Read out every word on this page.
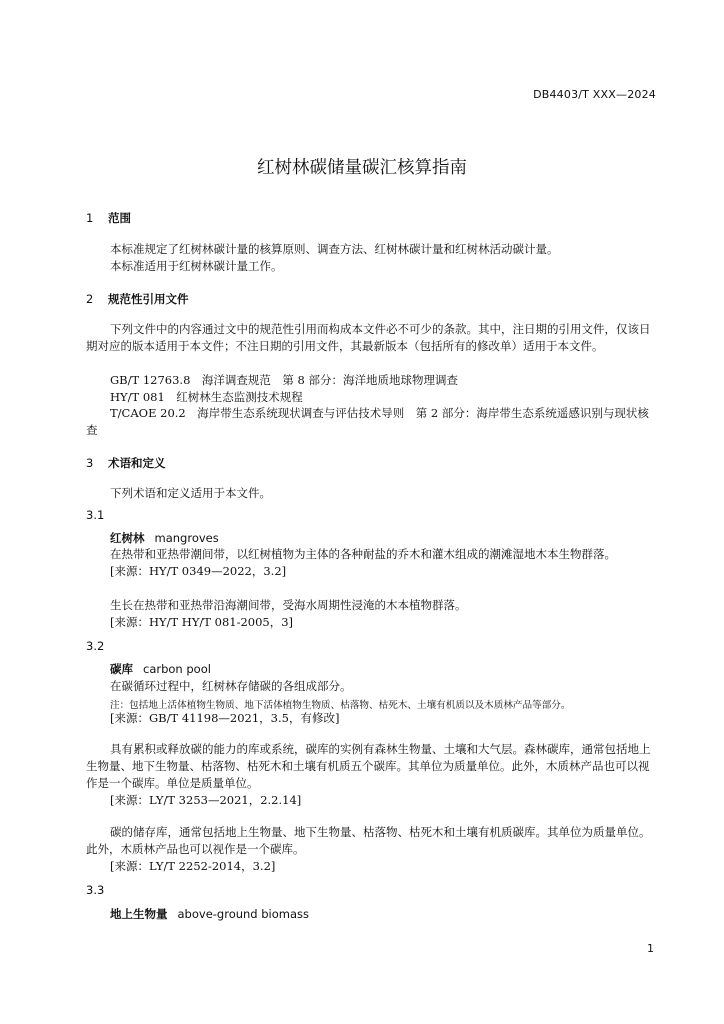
DB4403/T XXX—2024
红树林碳储量碳汇核算指南
1 范围
本标准规定了红树林碳计量的核算原则、调查方法、红树林碳计量和红树林活动碳计量。
本标准适用于红树林碳计量工作。
2 规范性引用文件
下列文件中的内容通过文中的规范性引用而构成本文件必不可少的条款。其中，注日期的引用文件，仅该日期对应的版本适用于本文件；不注日期的引用文件，其最新版本（包括所有的修改单）适用于本文件。
GB/T 12763.8　海洋调查规范　第 8 部分：海洋地质地球物理调查
HY/T 081　红树林生态监测技术规程
T/CAOE 20.2　海岸带生态系统现状调查与评估技术导则　第 2 部分：海岸带生态系统遥感识别与现状核查
3 术语和定义
下列术语和定义适用于本文件。
3.1
红树林 mangroves
在热带和亚热带潮间带，以红树植物为主体的各种耐盐的乔木和灌木组成的潮滩湿地木本生物群落。
[来源：HY/T 0349—2022，3.2]
生长在热带和亚热带沿海潮间带，受海水周期性浸淹的木本植物群落。
[来源：HY/T HY/T 081-2005，3]
3.2
碳库 carbon pool
在碳循环过程中，红树林存储碳的各组成部分。
注：包括地上活体植物生物质、地下活体植物生物质、枯落物、枯死木、土壤有机质以及木质林产品等部分。
[来源：GB/T 41198—2021，3.5，有修改]
具有累积或释放碳的能力的库或系统，碳库的实例有森林生物量、土壤和大气层。森林碳库，通常包括地上生物量、地下生物量、枯落物、枯死木和土壤有机质五个碳库。其单位为质量单位。此外，木质林产品也可以视作是一个碳库。单位是质量单位。
[来源：LY/T 3253—2021，2.2.14]
碳的储存库，通常包括地上生物量、地下生物量、枯落物、枯死木和土壤有机质碳库。其单位为质量单位。此外，木质林产品也可以视作是一个碳库。
[来源：LY/T 2252-2014，3.2]
3.3
地上生物量 above-ground biomass
1
